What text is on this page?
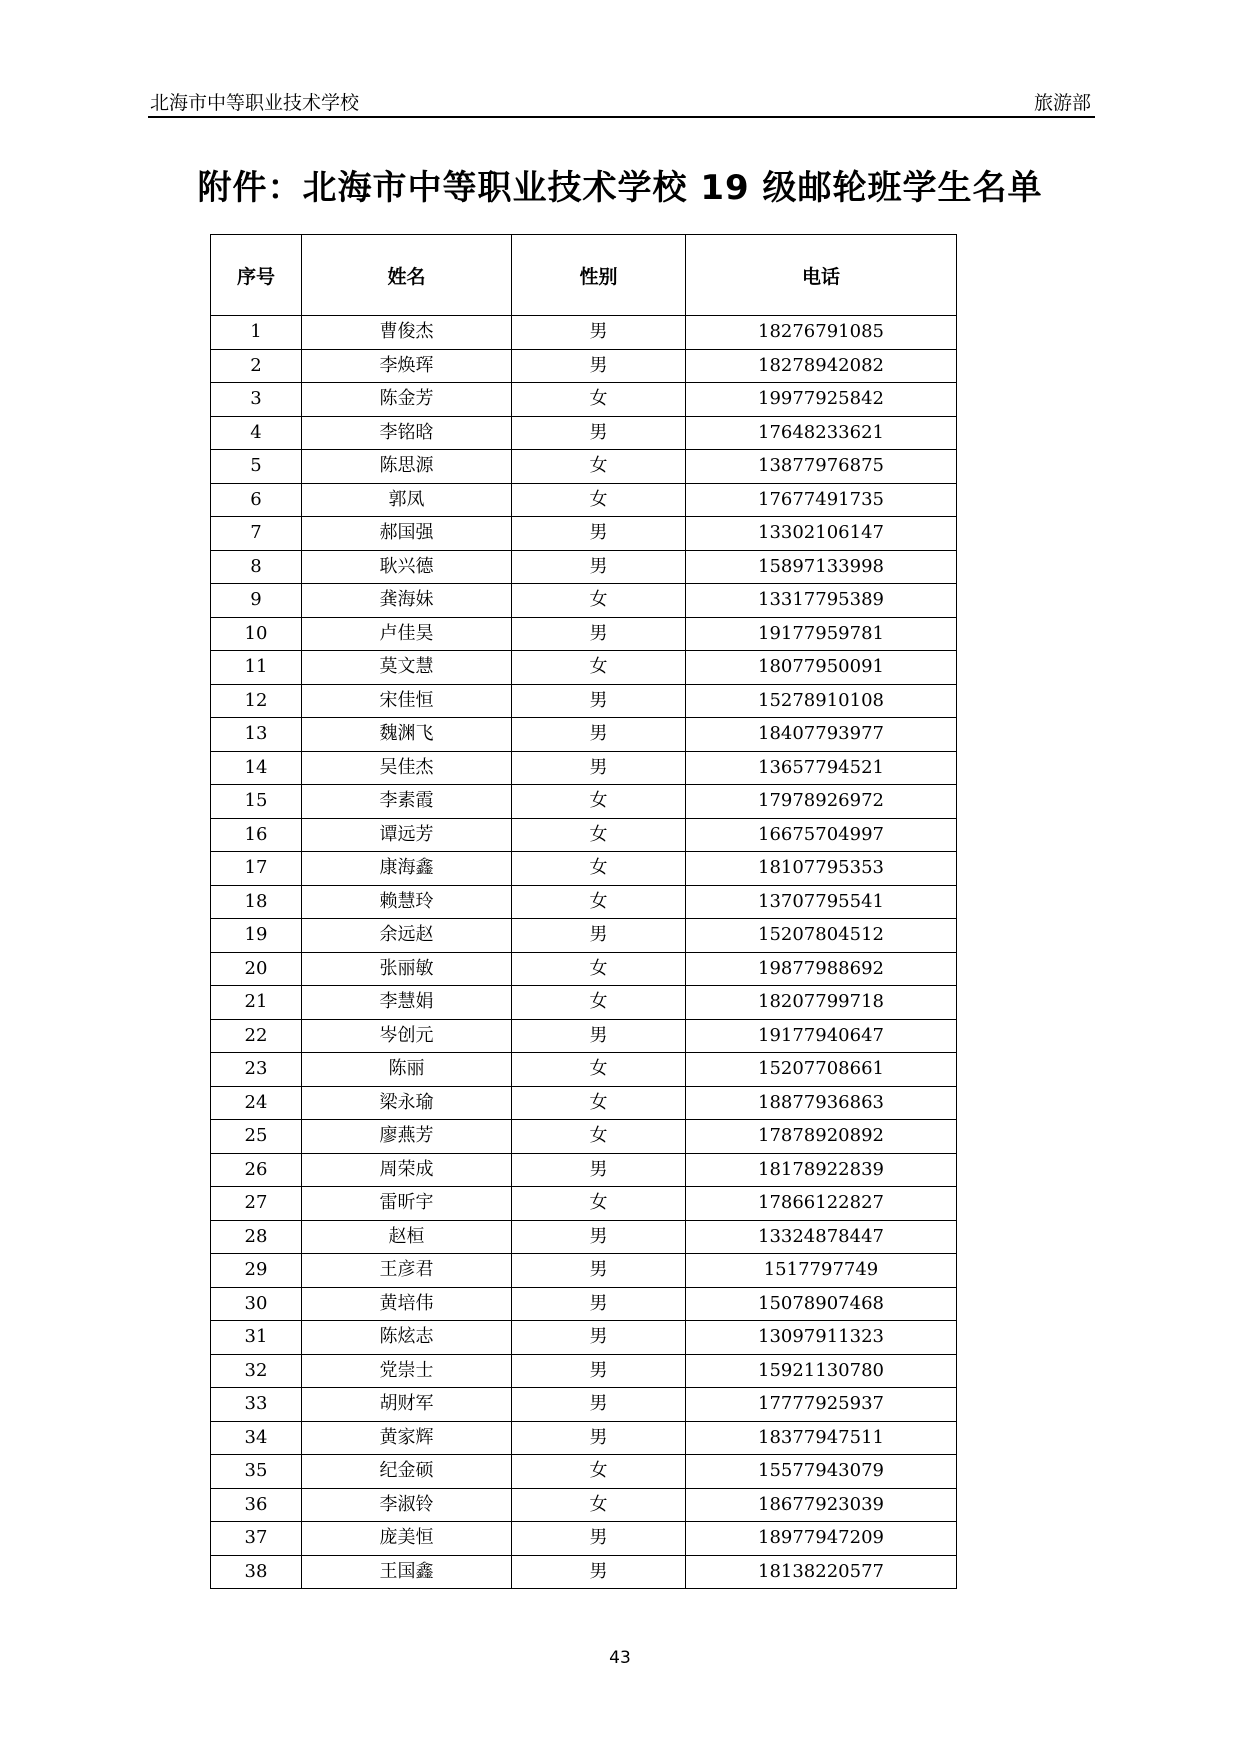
北海市中等职业技术学校	旅游部
附件：北海市中等职业技术学校 19 级邮轮班学生名单
序号	姓名	性别	电话
1	曹俊杰	男	18276791085
2	李焕珲	男	18278942082
3	陈金芳	女	19977925842
4	李铭晗	男	17648233621
5	陈思源	女	13877976875
6	郭凤	女	17677491735
7	郝国强	男	13302106147
8	耿兴德	男	15897133998
9	龚海妹	女	13317795389
10	卢佳昊	男	19177959781
11	莫文慧	女	18077950091
12	宋佳恒	男	15278910108
13	魏渊飞	男	18407793977
14	吴佳杰	男	13657794521
15	李素霞	女	17978926972
16	谭远芳	女	16675704997
17	康海鑫	女	18107795353
18	赖慧玲	女	13707795541
19	余远赵	男	15207804512
20	张丽敏	女	19877988692
21	李慧娟	女	18207799718
22	岑创元	男	19177940647
23	陈丽	女	15207708661
24	梁永瑜	女	18877936863
25	廖燕芳	女	17878920892
26	周荣成	男	18178922839
27	雷昕宇	女	17866122827
28	赵桓	男	13324878447
29	王彦君	男	1517797749
30	黄培伟	男	15078907468
31	陈炫志	男	13097911323
32	党崇士	男	15921130780
33	胡财军	男	17777925937
34	黄家辉	男	18377947511
35	纪金硕	女	15577943079
36	李淑铃	女	18677923039
37	庞美恒	男	18977947209
38	王国鑫	男	18138220577
43
